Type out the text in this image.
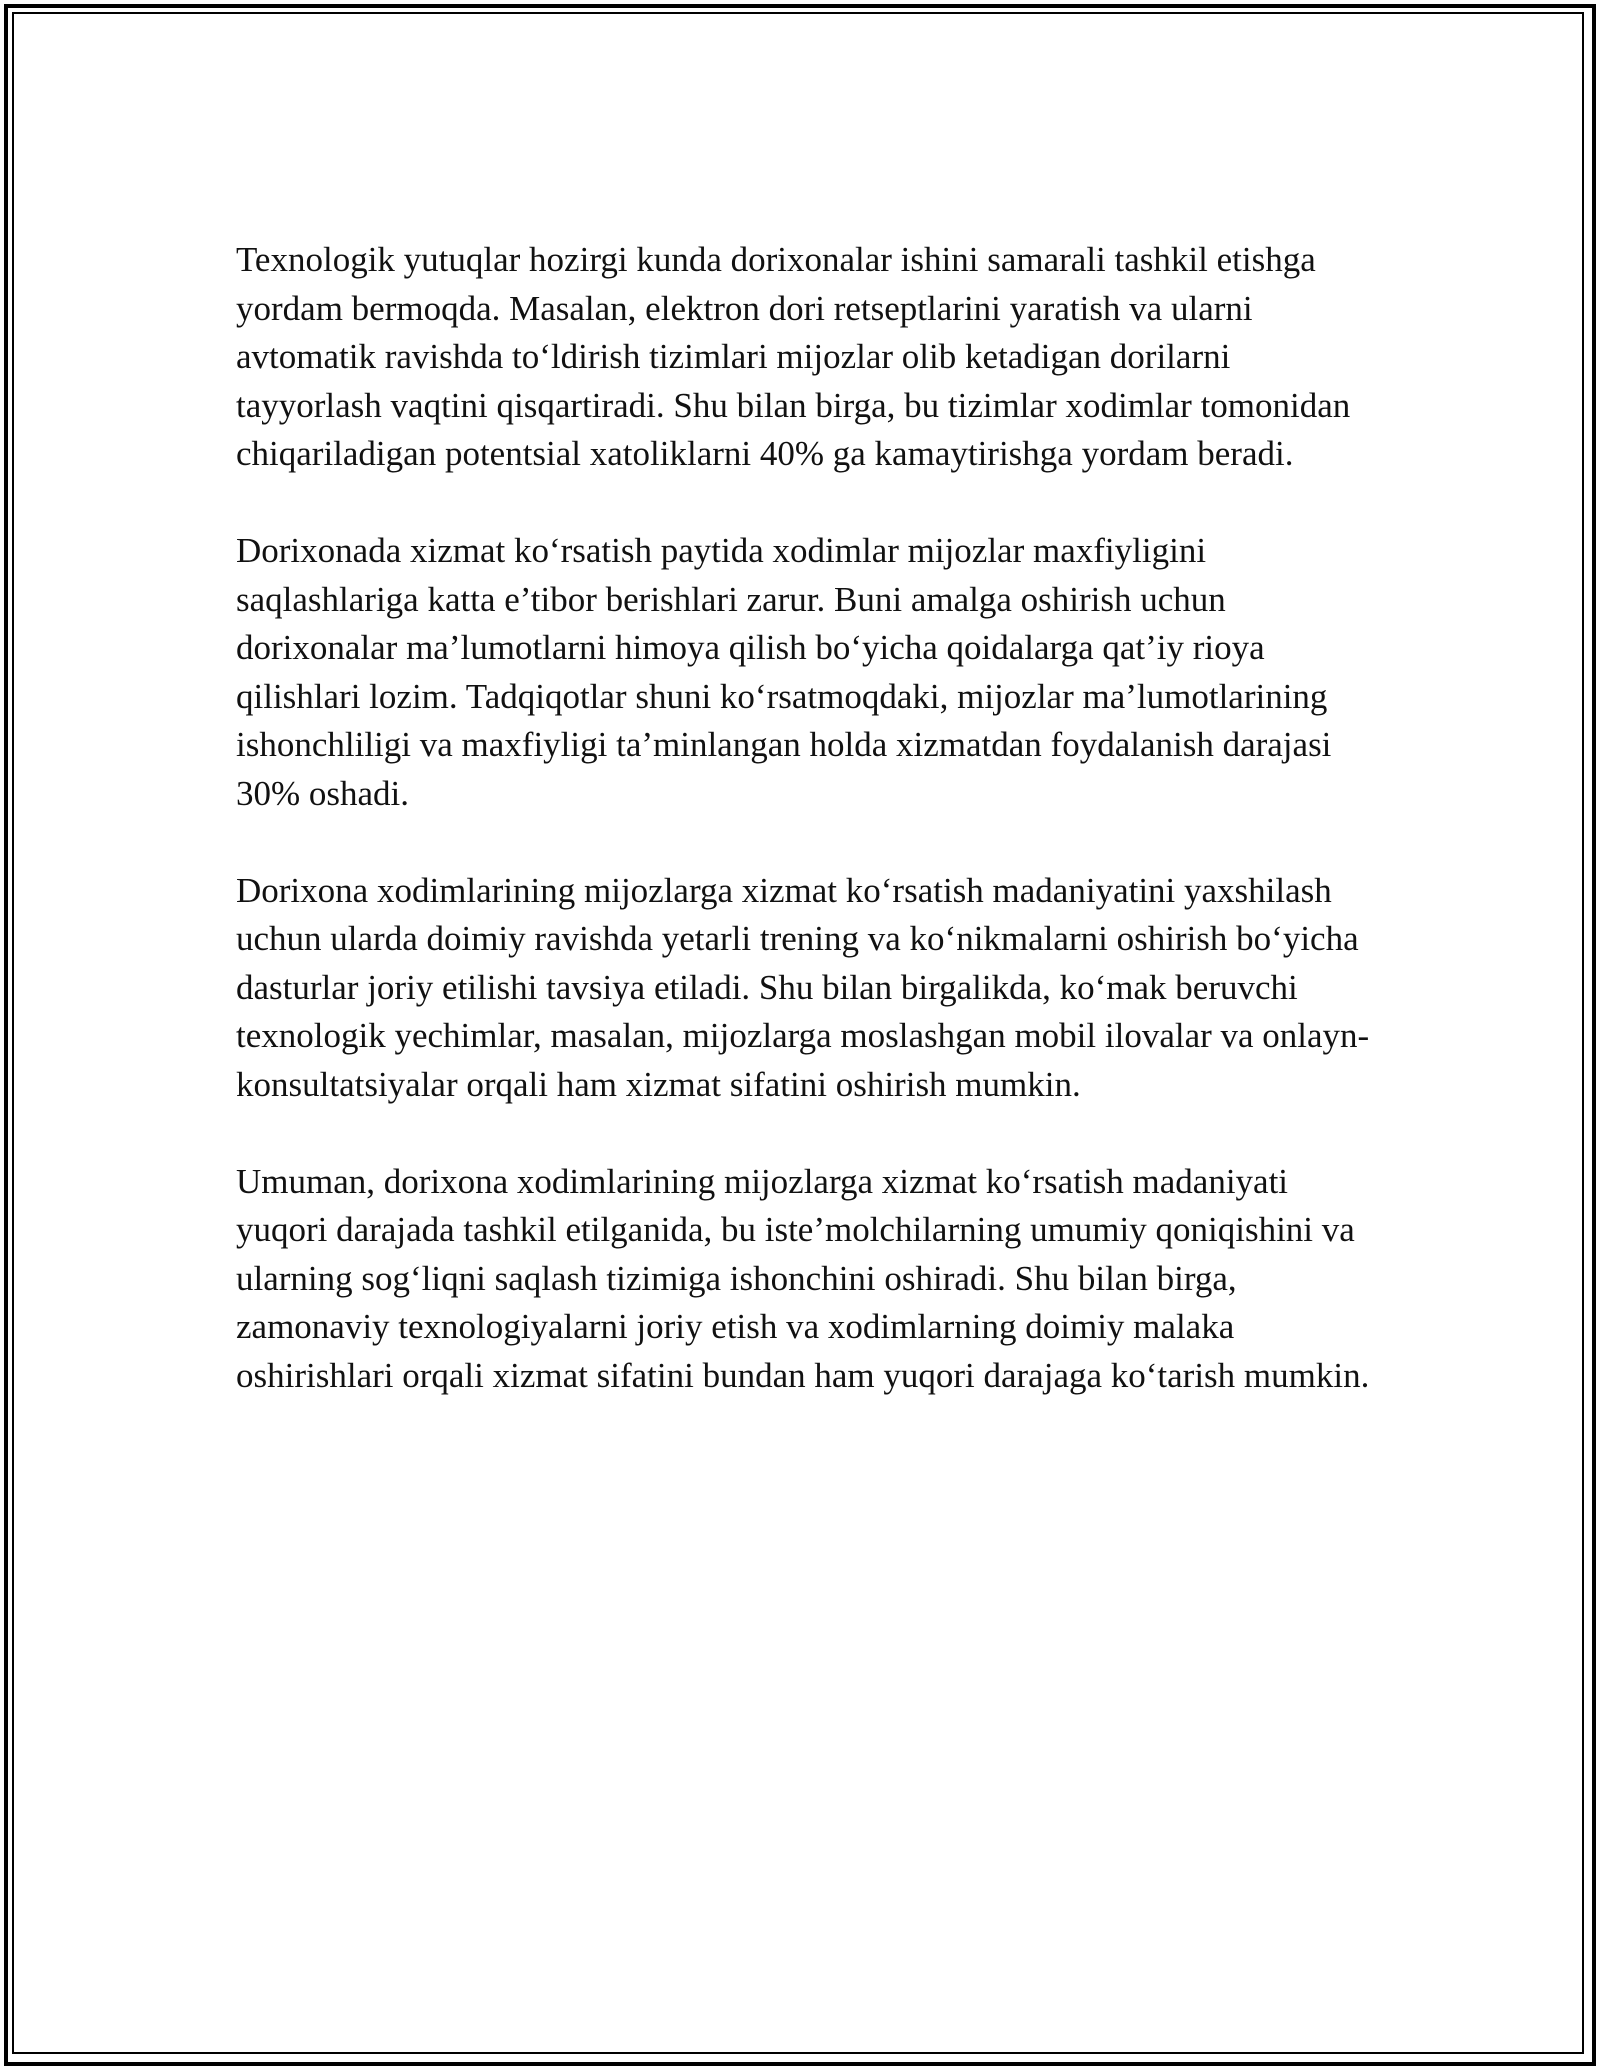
Texnologik yutuqlar hozirgi kunda dorixonalar ishini samarali tashkil etishga yordam bermoqda. Masalan, elektron dori retseptlarini yaratish va ularni avtomatik ravishda to‘ldirish tizimlari mijozlar olib ketadigan dorilarni tayyorlash vaqtini qisqartiradi. Shu bilan birga, bu tizimlar xodimlar tomonidan chiqariladigan potentsial xatoliklarni 40% ga kamaytirishga yordam beradi.

Dorixonada xizmat ko‘rsatish paytida xodimlar mijozlar maxfiyligini saqlashlariga katta e’tibor berishlari zarur. Buni amalga oshirish uchun dorixonalar ma’lumotlarni himoya qilish bo‘yicha qoidalarga qat’iy rioya qilishlari lozim. Tadqiqotlar shuni ko‘rsatmoqdaki, mijozlar ma’lumotlarining ishonchliligi va maxfiyligi ta’minlangan holda xizmatdan foydalanish darajasi 30% oshadi.

Dorixona xodimlarining mijozlarga xizmat ko‘rsatish madaniyatini yaxshilash uchun ularda doimiy ravishda yetarli trening va ko‘nikmalarni oshirish bo‘yicha dasturlar joriy etilishi tavsiya etiladi. Shu bilan birgalikda, ko‘mak beruvchi texnologik yechimlar, masalan, mijozlarga moslashgan mobil ilovalar va onlayn-konsultatsiyalar orqali ham xizmat sifatini oshirish mumkin.

Umuman, dorixona xodimlarining mijozlarga xizmat ko‘rsatish madaniyati yuqori darajada tashkil etilganida, bu iste’molchilarning umumiy qoniqishini va ularning sog‘liqni saqlash tizimiga ishonchini oshiradi. Shu bilan birga, zamonaviy texnologiyalarni joriy etish va xodimlarning doimiy malaka oshirishlari orqali xizmat sifatini bundan ham yuqori darajaga ko‘tarish mumkin.
